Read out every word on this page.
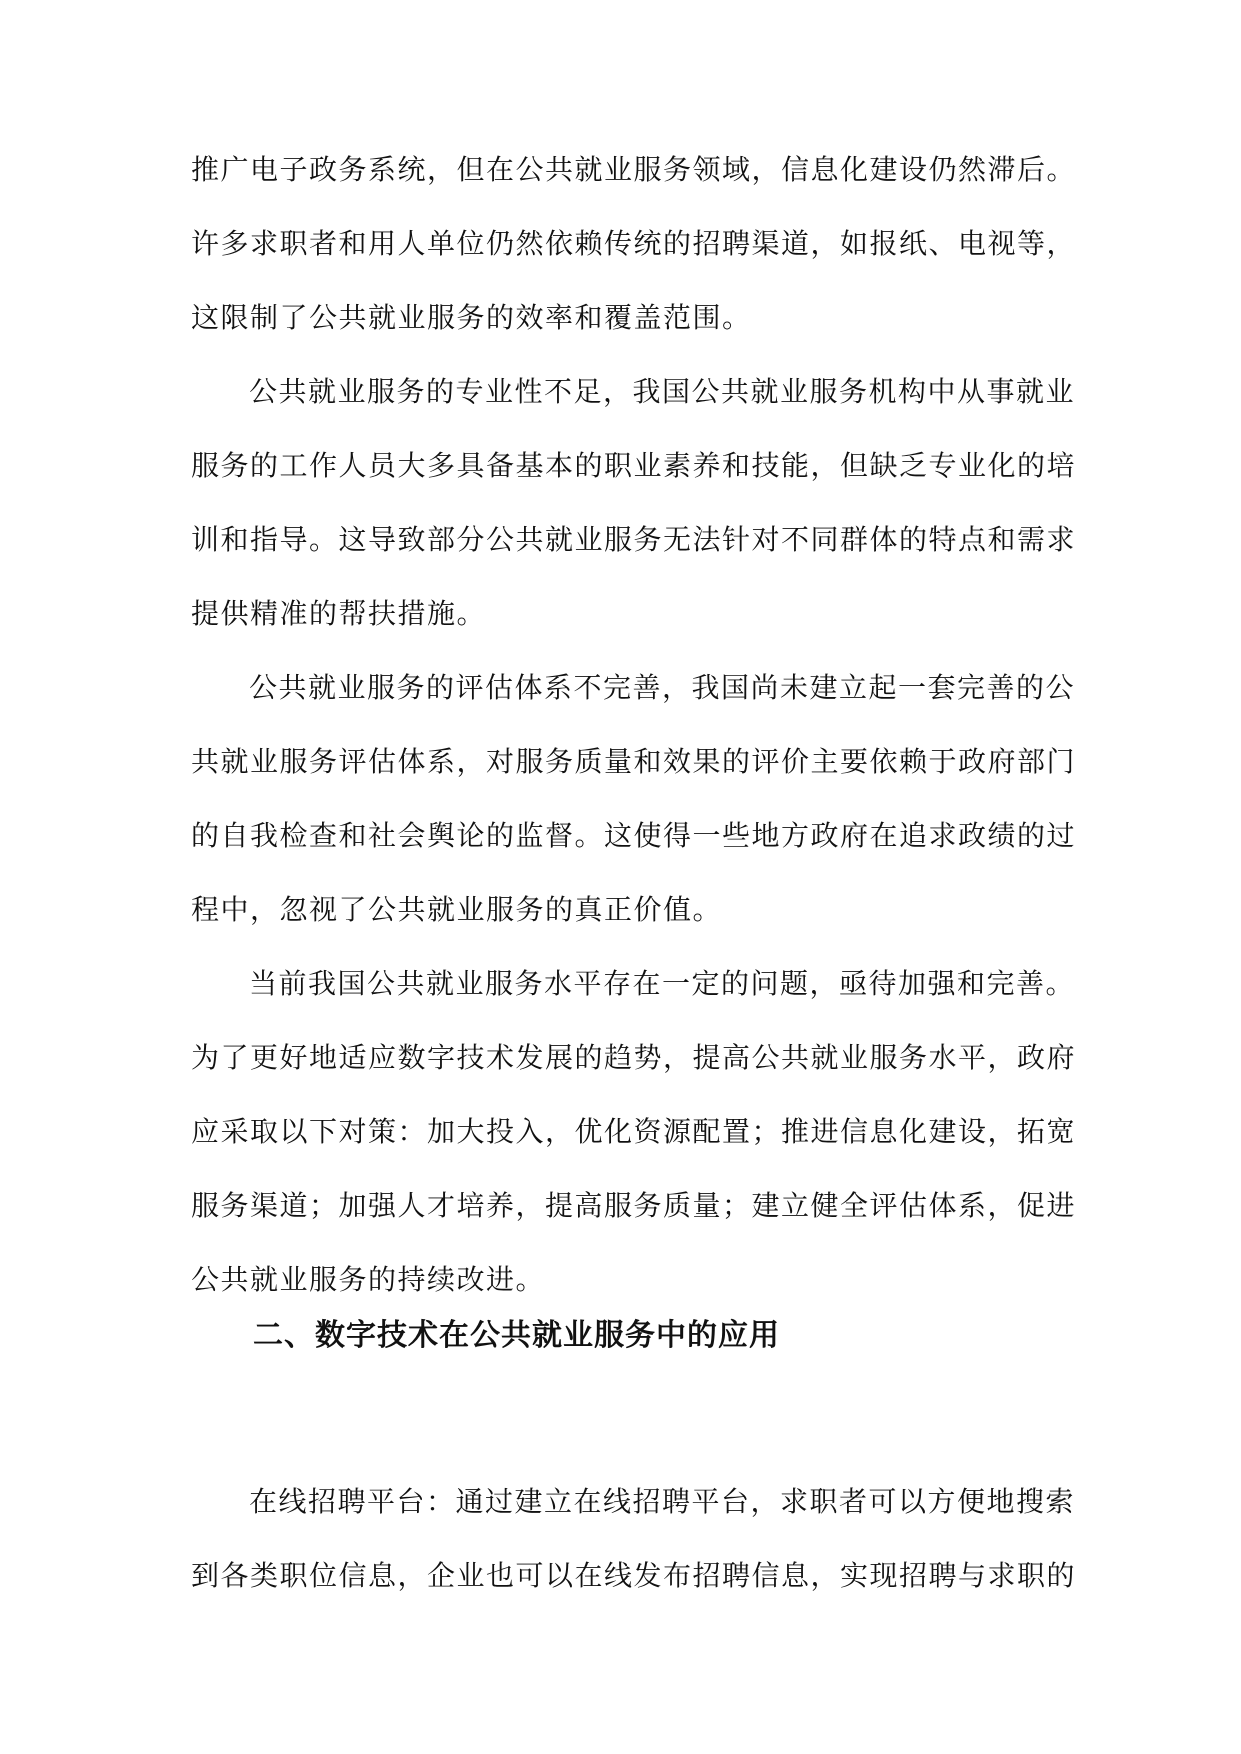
推广电子政务系统，但在公共就业服务领域，信息化建设仍然滞后。
许多求职者和用人单位仍然依赖传统的招聘渠道，如报纸、电视等，
这限制了公共就业服务的效率和覆盖范围。
公共就业服务的专业性不足，我国公共就业服务机构中从事就业
服务的工作人员大多具备基本的职业素养和技能，但缺乏专业化的培
训和指导。这导致部分公共就业服务无法针对不同群体的特点和需求
提供精准的帮扶措施。
公共就业服务的评估体系不完善，我国尚未建立起一套完善的公
共就业服务评估体系，对服务质量和效果的评价主要依赖于政府部门
的自我检查和社会舆论的监督。这使得一些地方政府在追求政绩的过
程中，忽视了公共就业服务的真正价值。
当前我国公共就业服务水平存在一定的问题，亟待加强和完善。
为了更好地适应数字技术发展的趋势，提高公共就业服务水平，政府
应采取以下对策：加大投入，优化资源配置；推进信息化建设，拓宽
服务渠道；加强人才培养，提高服务质量；建立健全评估体系，促进
公共就业服务的持续改进。
二、数字技术在公共就业服务中的应用
在线招聘平台：通过建立在线招聘平台，求职者可以方便地搜索
到各类职位信息，企业也可以在线发布招聘信息，实现招聘与求职的
